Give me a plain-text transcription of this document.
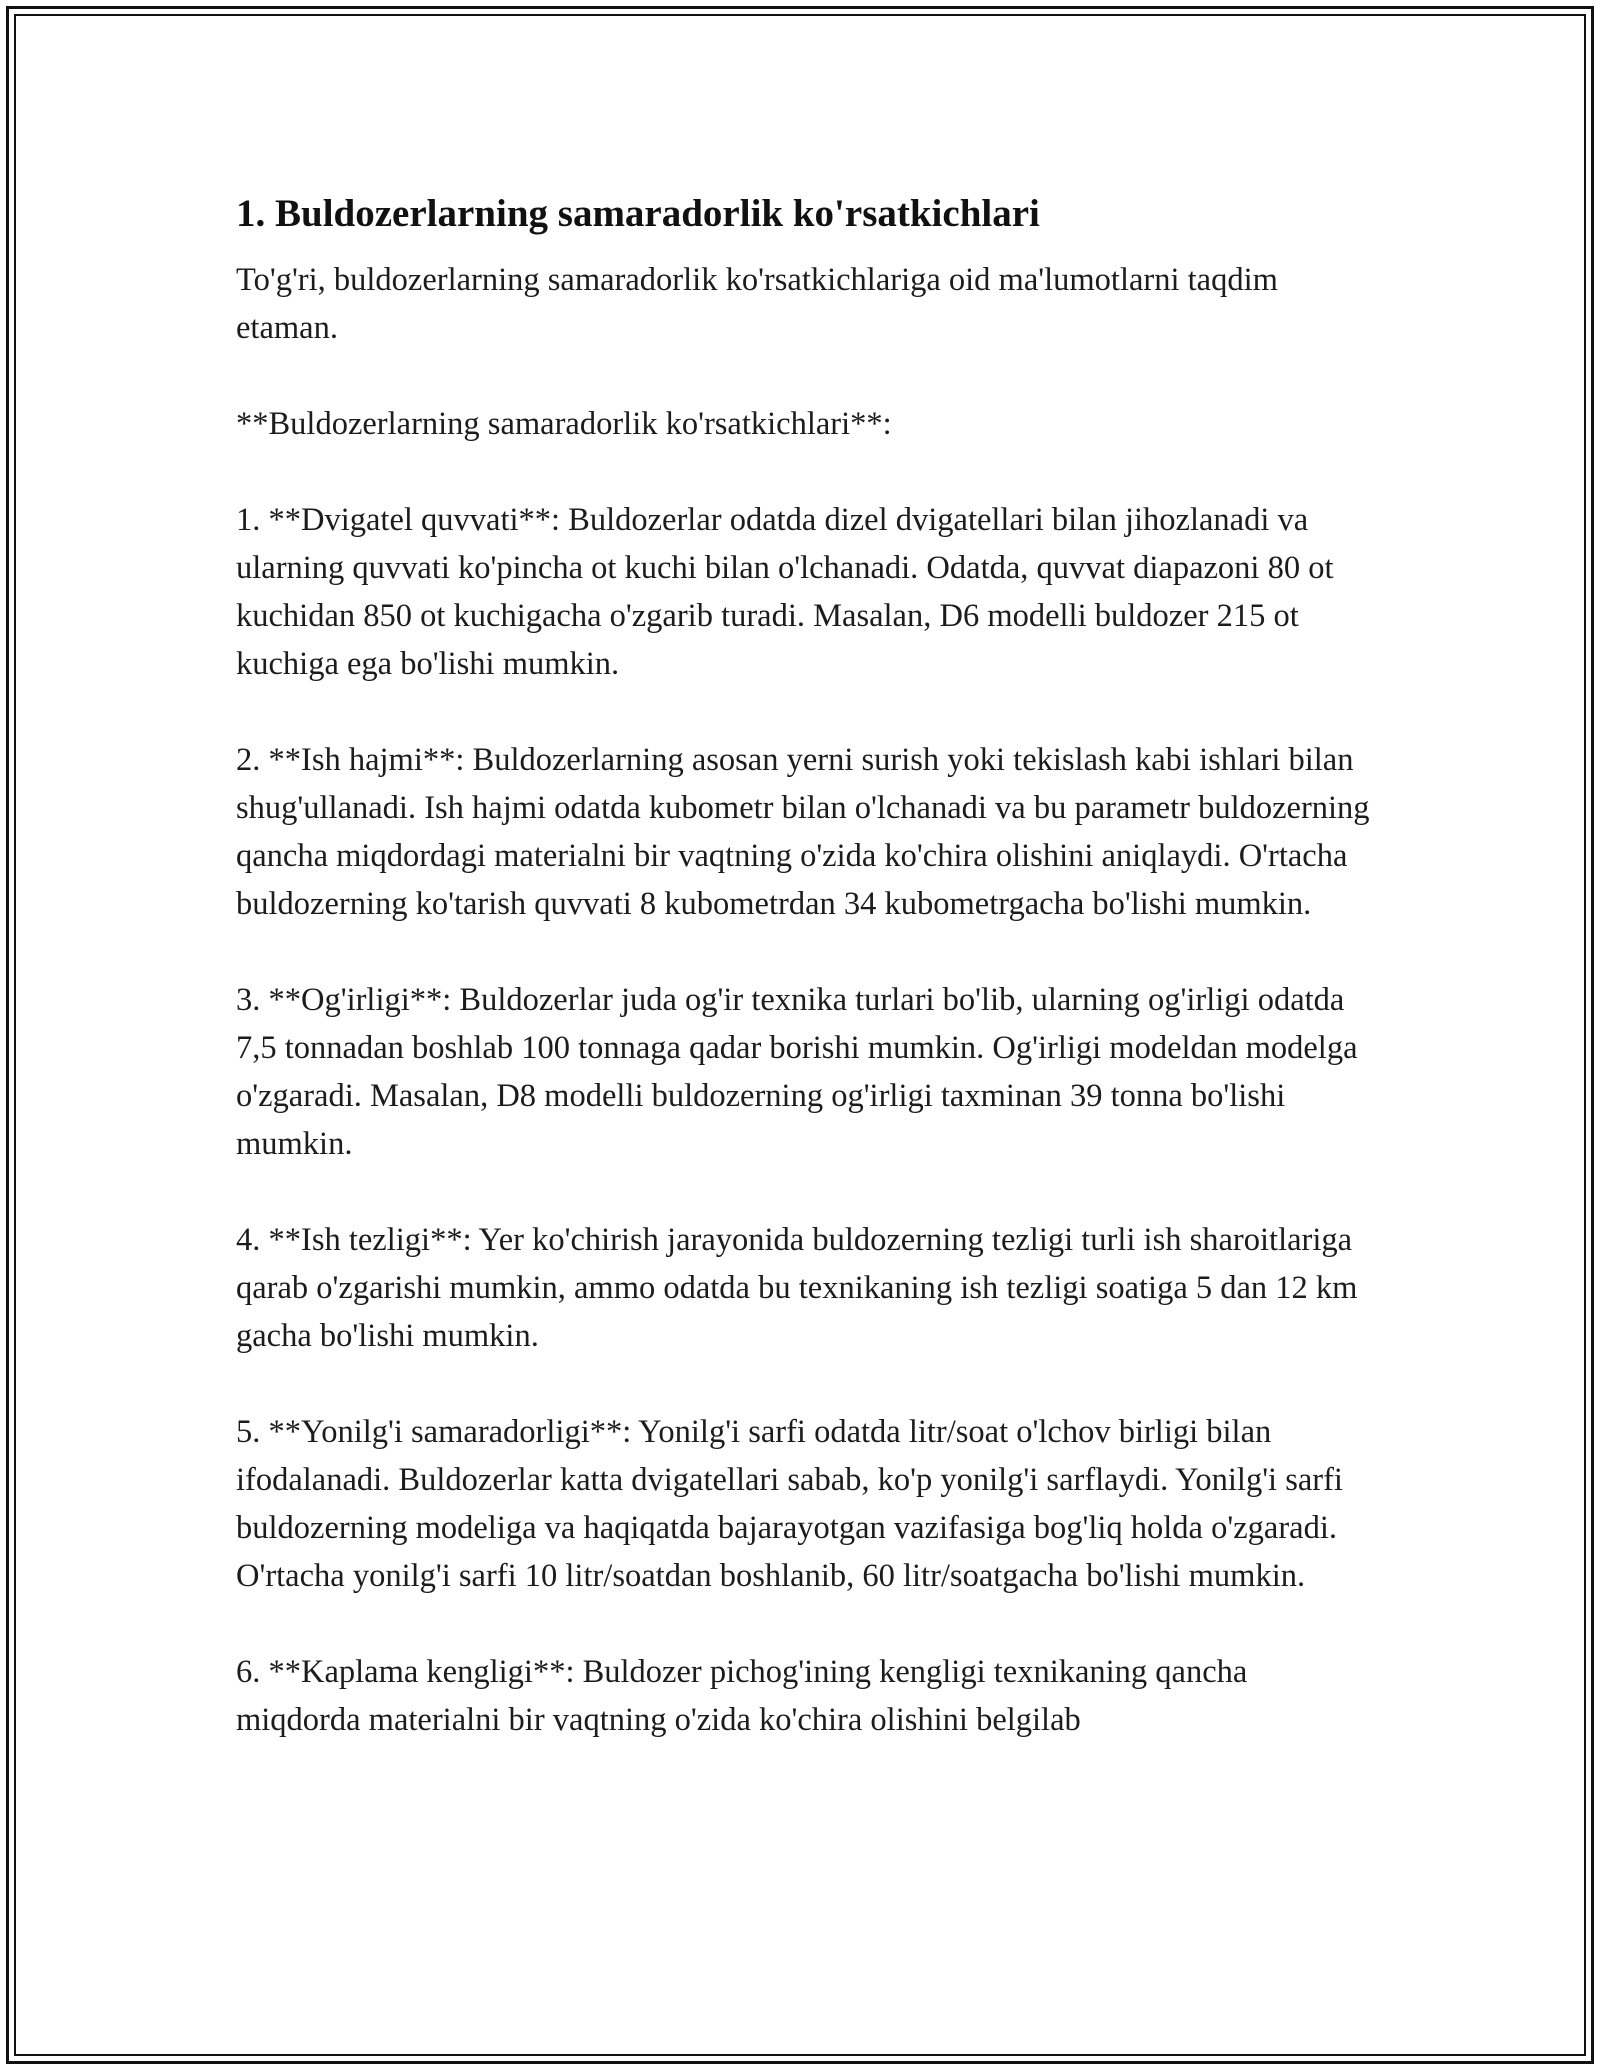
1. Buldozerlarning samaradorlik ko'rsatkichlari

To'g'ri, buldozerlarning samaradorlik ko'rsatkichlariga oid ma'lumotlarni taqdim etaman.

**Buldozerlarning samaradorlik ko'rsatkichlari**:

1. **Dvigatel quvvati**: Buldozerlar odatda dizel dvigatellari bilan jihozlanadi va ularning quvvati ko'pincha ot kuchi bilan o'lchanadi. Odatda, quvvat diapazoni 80 ot kuchidan 850 ot kuchigacha o'zgarib turadi. Masalan, D6 modelli buldozer 215 ot kuchiga ega bo'lishi mumkin.

2. **Ish hajmi**: Buldozerlarning asosan yerni surish yoki tekislash kabi ishlari bilan shug'ullanadi. Ish hajmi odatda kubometr bilan o'lchanadi va bu parametr buldozerning qancha miqdordagi materialni bir vaqtning o'zida ko'chira olishini aniqlaydi. O'rtacha buldozerning ko'tarish quvvati 8 kubometrdan 34 kubometrgacha bo'lishi mumkin.

3. **Og'irligi**: Buldozerlar juda og'ir texnika turlari bo'lib, ularning og'irligi odatda 7,5 tonnadan boshlab 100 tonnaga qadar borishi mumkin. Og'irligi modeldan modelga o'zgaradi. Masalan, D8 modelli buldozerning og'irligi taxminan 39 tonna bo'lishi mumkin.

4. **Ish tezligi**: Yer ko'chirish jarayonida buldozerning tezligi turli ish sharoitlariga qarab o'zgarishi mumkin, ammo odatda bu texnikaning ish tezligi soatiga 5 dan 12 km gacha bo'lishi mumkin.

5. **Yonilg'i samaradorligi**: Yonilg'i sarfi odatda litr/soat o'lchov birligi bilan ifodalanadi. Buldozerlar katta dvigatellari sabab, ko'p yonilg'i sarflaydi. Yonilg'i sarfi buldozerning modeliga va haqiqatda bajarayotgan vazifasiga bog'liq holda o'zgaradi. O'rtacha yonilg'i sarfi 10 litr/soatdan boshlanib, 60 litr/soatgacha bo'lishi mumkin.

6. **Kaplama kengligi**: Buldozer pichog'ining kengligi texnikaning qancha miqdorda materialni bir vaqtning o'zida ko'chira olishini belgilab
